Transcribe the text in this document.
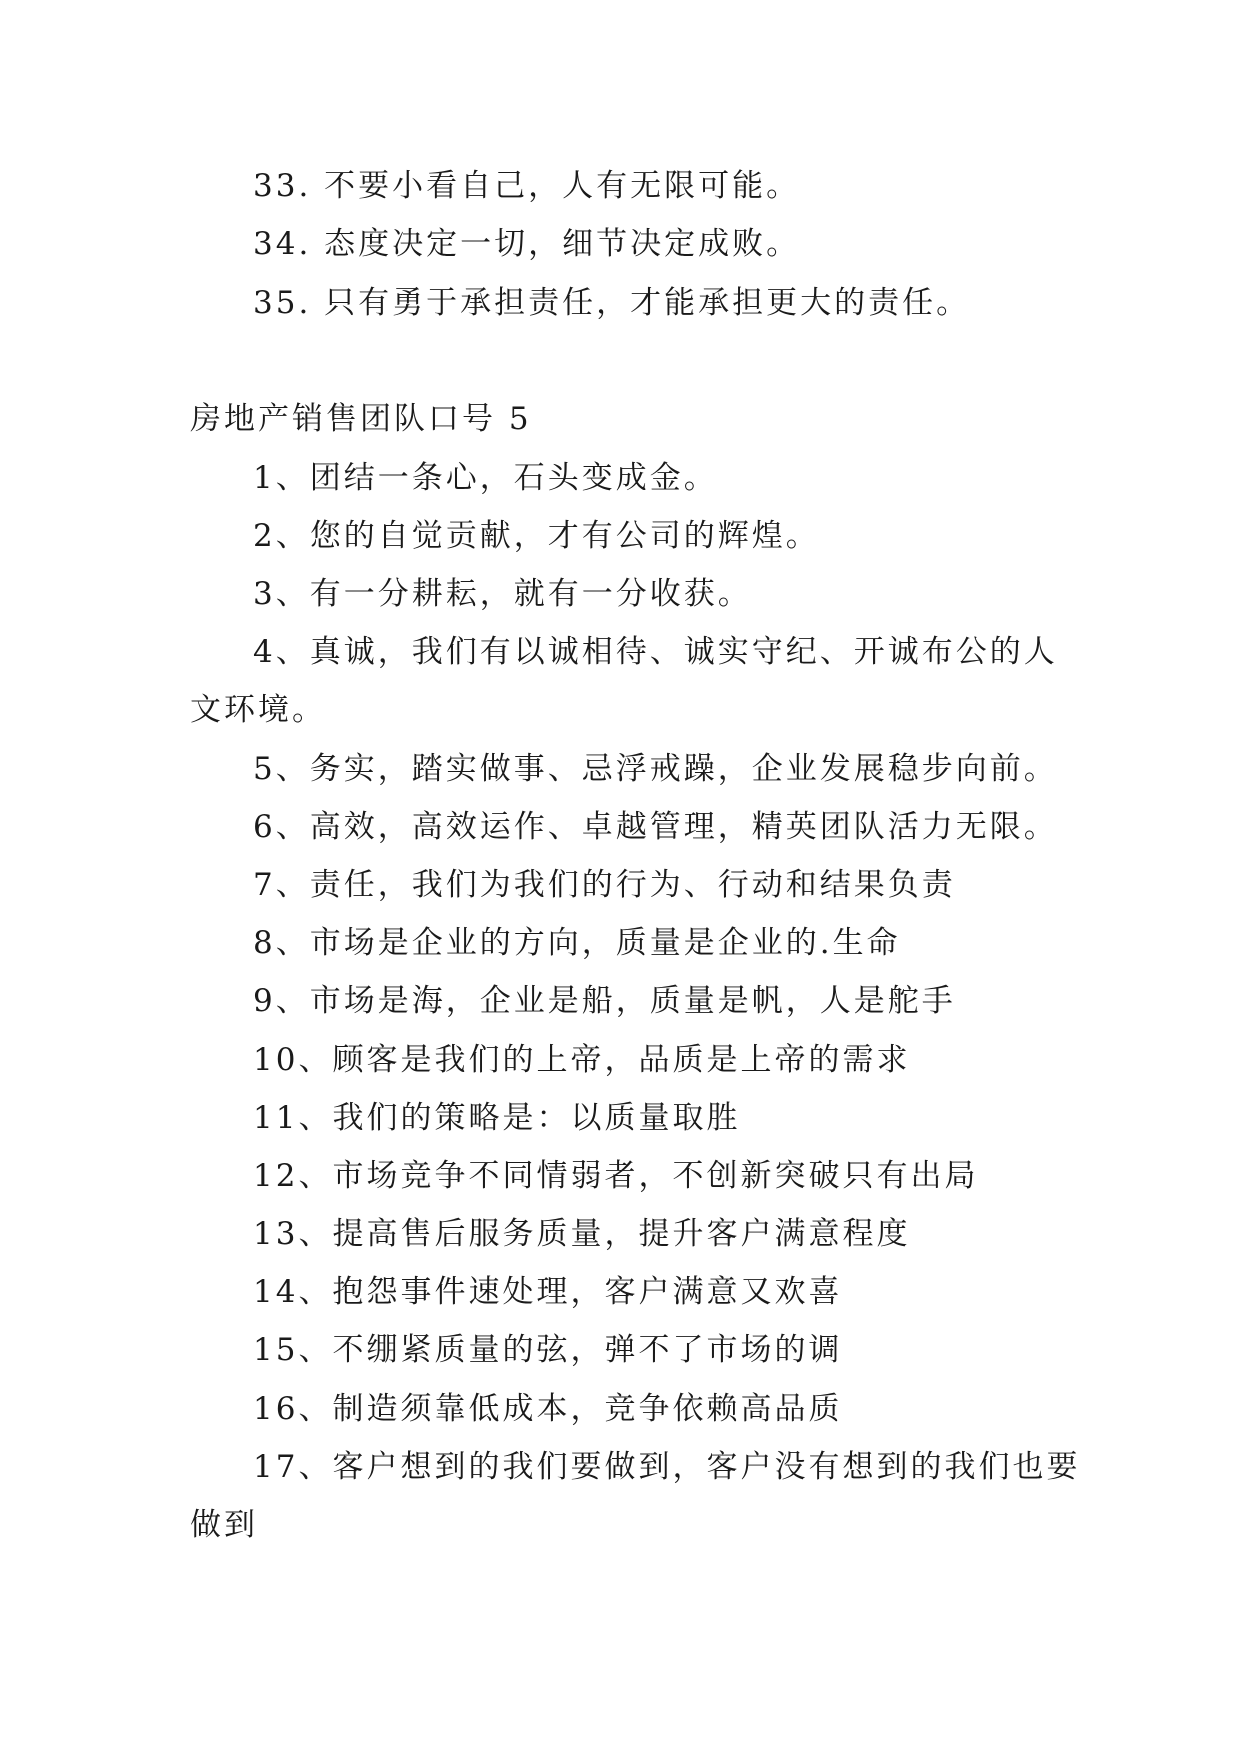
33. 不要小看自己，人有无限可能。
34. 态度决定一切，细节决定成败。
35. 只有勇于承担责任，才能承担更大的责任。
房地产销售团队口号 5
1、团结一条心，石头变成金。
2、您的自觉贡献，才有公司的辉煌。
3、有一分耕耘，就有一分收获。
4、真诚，我们有以诚相待、诚实守纪、开诚布公的人
文环境。
5、务实，踏实做事、忌浮戒躁，企业发展稳步向前。
6、高效，高效运作、卓越管理，精英团队活力无限。
7、责任，我们为我们的行为、行动和结果负责
8、市场是企业的方向，质量是企业的.生命
9、市场是海，企业是船，质量是帆，人是舵手
10、顾客是我们的上帝，品质是上帝的需求
11、我们的策略是：以质量取胜
12、市场竞争不同情弱者，不创新突破只有出局
13、提高售后服务质量，提升客户满意程度
14、抱怨事件速处理，客户满意又欢喜
15、不绷紧质量的弦，弹不了市场的调
16、制造须靠低成本，竞争依赖高品质
17、客户想到的我们要做到，客户没有想到的我们也要
做到
